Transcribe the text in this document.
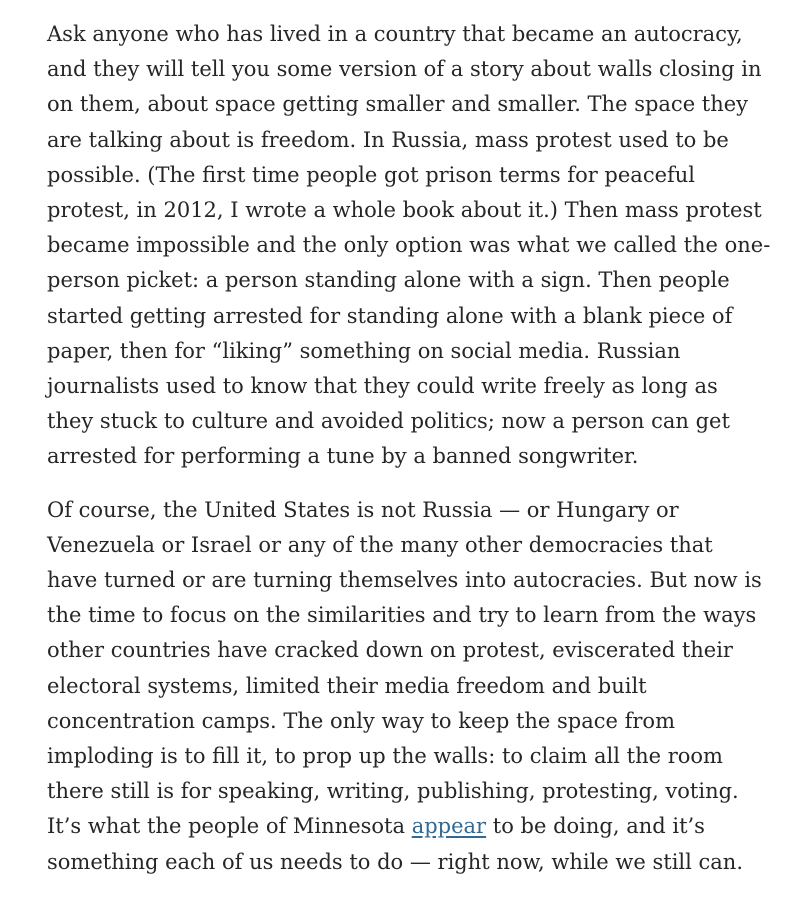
Ask anyone who has lived in a country that became an autocracy,
and they will tell you some version of a story about walls closing in
on them, about space getting smaller and smaller. The space they
are talking about is freedom. In Russia, mass protest used to be
possible. (The first time people got prison terms for peaceful
protest, in 2012, I wrote a whole book about it.) Then mass protest
became impossible and the only option was what we called the one-
person picket: a person standing alone with a sign. Then people
started getting arrested for standing alone with a blank piece of
paper, then for “liking” something on social media. Russian
journalists used to know that they could write freely as long as
they stuck to culture and avoided politics; now a person can get
arrested for performing a tune by a banned songwriter.

Of course, the United States is not Russia — or Hungary or
Venezuela or Israel or any of the many other democracies that
have turned or are turning themselves into autocracies. But now is
the time to focus on the similarities and try to learn from the ways
other countries have cracked down on protest, eviscerated their
electoral systems, limited their media freedom and built
concentration camps. The only way to keep the space from
imploding is to fill it, to prop up the walls: to claim all the room
there still is for speaking, writing, publishing, protesting, voting.
It’s what the people of Minnesota appear to be doing, and it’s
something each of us needs to do — right now, while we still can.
